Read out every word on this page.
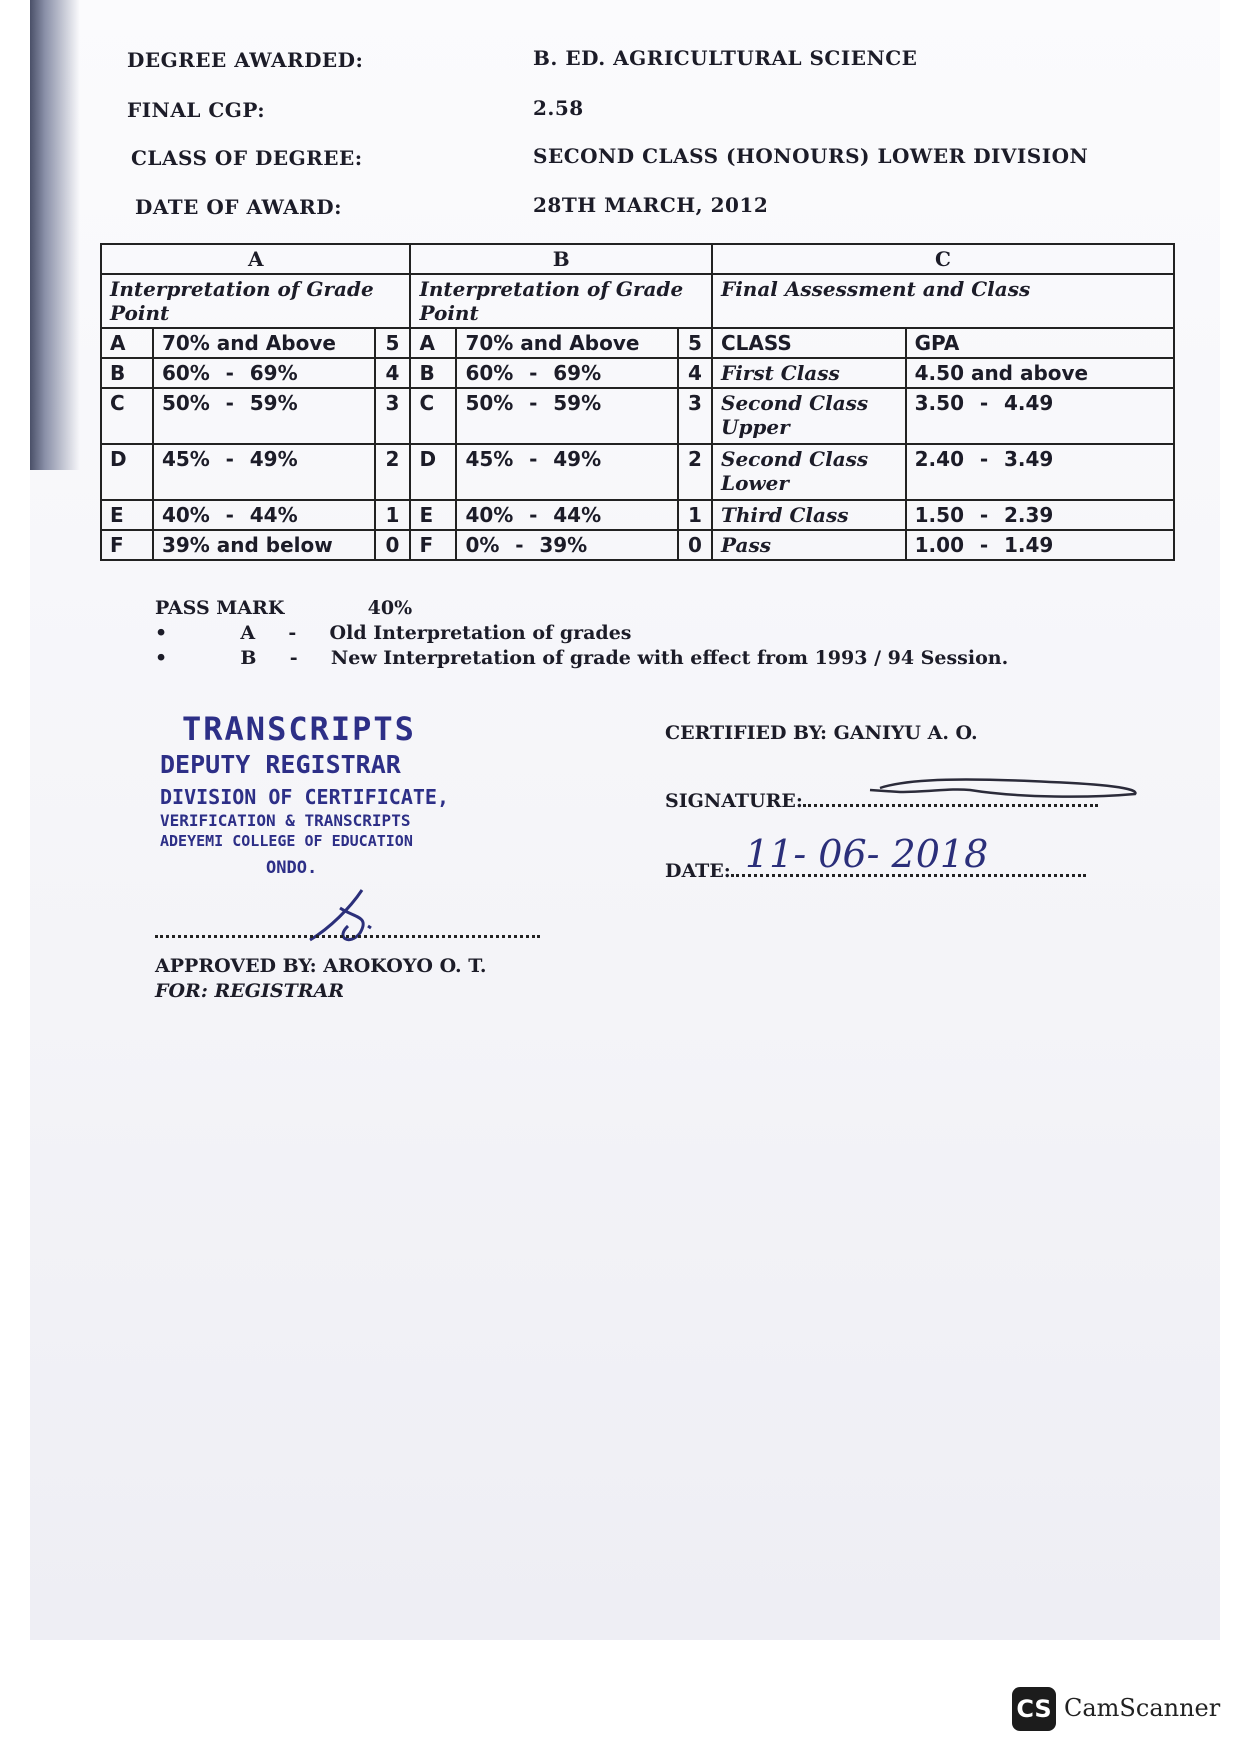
DEGREE AWARDED:	B. ED. AGRICULTURAL SCIENCE
FINAL CGP:	2.58
CLASS OF DEGREE:	SECOND CLASS (HONOURS) LOWER DIVISION
DATE OF AWARD:	28TH MARCH, 2012
A			B			C	
Interpretation of Grade Point			Interpretation of Grade Point			Final Assessment and Class	
A	70% and Above	5	A	70% and Above	5	CLASS	GPA
B	60% - 69%	4	B	60% - 69%	4	First Class	4.50 and above
C	50% - 59%	3	C	50% - 59%	3	Second Class Upper	3.50 - 4.49
D	45% - 49%	2	D	45% - 49%	2	Second Class Lower	2.40 - 3.49
E	40% - 44%	1	E	40% - 44%	1	Third Class	1.50 - 2.39
F	39% and below	0	F	0% - 39%	0	Pass	1.00 - 1.49
PASS MARK	40%
•	A - Old Interpretation of grades
•	B - New Interpretation of grade with effect from 1993 / 94 Session.
TRANSCRIPTS
DEPUTY REGISTRAR
DIVISION OF CERTIFICATE,
VERIFICATION & TRANSCRIPTS
ADEYEMI COLLEGE OF EDUCATION
ONDO.
APPROVED BY: AROKOYO O. T.
FOR: REGISTRAR
CERTIFIED BY: GANIYU A. O.
SIGNATURE:
DATE: 11- 06- 2018
CS CamScanner
